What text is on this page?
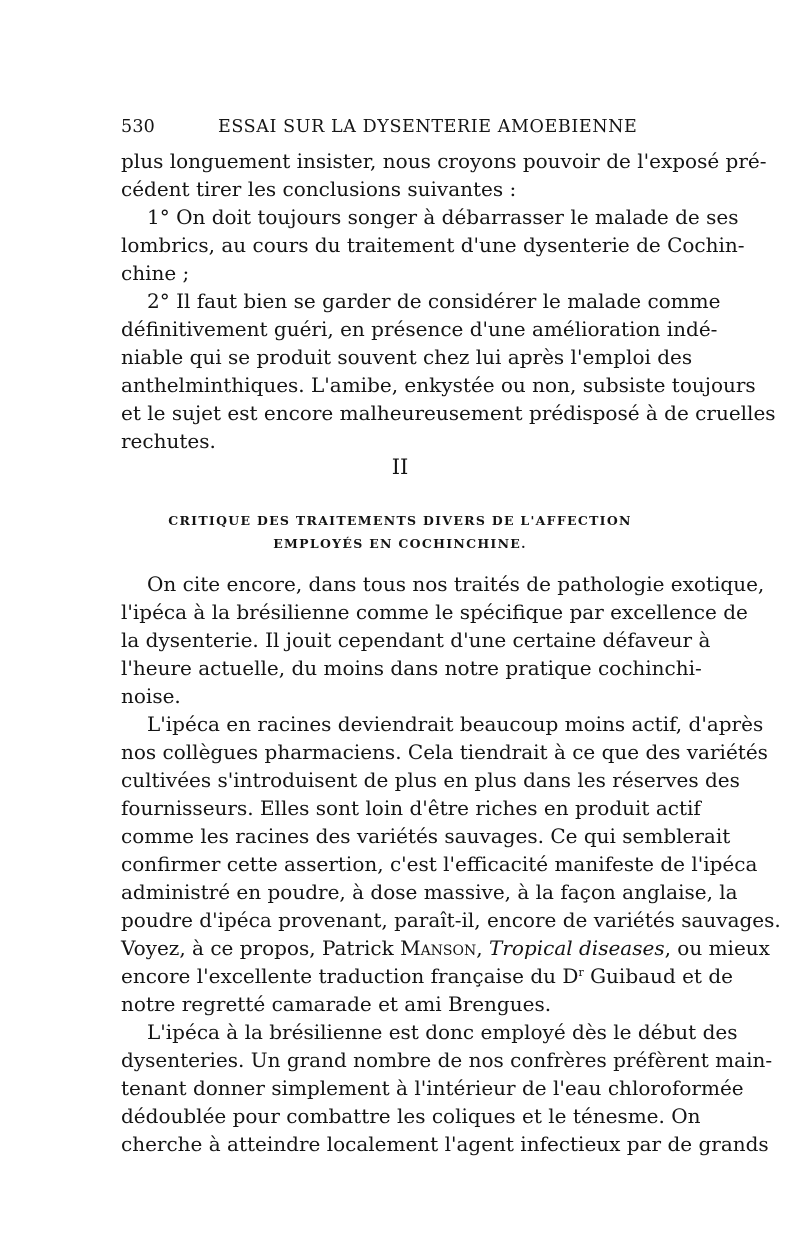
530	ESSAI SUR LA DYSENTERIE AMOEBIENNE
plus longuement insister, nous croyons pouvoir de l'exposé pré-
cédent tirer les conclusions suivantes :
1° On doit toujours songer à débarrasser le malade de ses
lombrics, au cours du traitement d'une dysenterie de Cochin-
chine ;
2° Il faut bien se garder de considérer le malade comme
définitivement guéri, en présence d'une amélioration indé-
niable qui se produit souvent chez lui après l'emploi des
anthelminthiques. L'amibe, enkystée ou non, subsiste toujours
et le sujet est encore malheureusement prédisposé à de cruelles
rechutes.
II
CRITIQUE DES TRAITEMENTS DIVERS DE L'AFFECTION
EMPLOYÉS EN COCHINCHINE.
On cite encore, dans tous nos traités de pathologie exotique,
l'ipéca à la brésilienne comme le spécifique par excellence de
la dysenterie. Il jouit cependant d'une certaine défaveur à
l'heure actuelle, du moins dans notre pratique cochinchi-
noise.
L'ipéca en racines deviendrait beaucoup moins actif, d'après
nos collègues pharmaciens. Cela tiendrait à ce que des variétés
cultivées s'introduisent de plus en plus dans les réserves des
fournisseurs. Elles sont loin d'être riches en produit actif
comme les racines des variétés sauvages. Ce qui semblerait
confirmer cette assertion, c'est l'efficacité manifeste de l'ipéca
administré en poudre, à dose massive, à la façon anglaise, la
poudre d'ipéca provenant, paraît-il, encore de variétés sauvages.
Voyez, à ce propos, Patrick Manson, Tropical diseases, ou mieux
encore l'excellente traduction française du $D^r$ Guibaud et de
notre regretté camarade et ami Brengues.
L'ipéca à la brésilienne est donc employé dès le début des
dysenteries. Un grand nombre de nos confrères préfèrent main-
tenant donner simplement à l'intérieur de l'eau chloroformée
dédoublée pour combattre les coliques et le ténesme. On
cherche à atteindre localement l'agent infectieux par de grands
